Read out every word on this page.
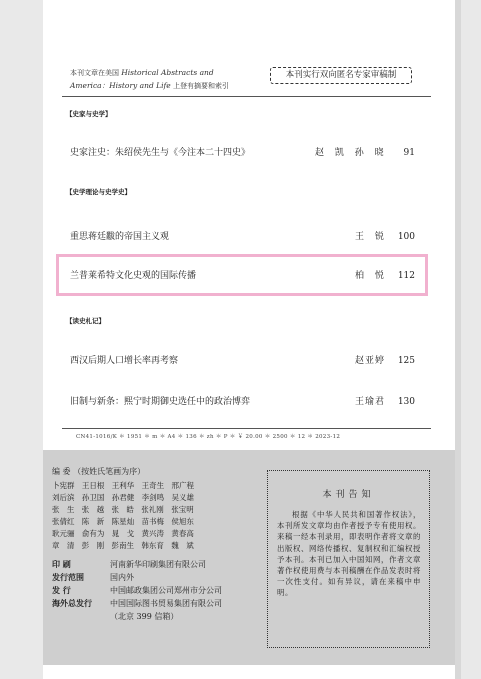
本刊文章在美国 Historical Abstracts and
America：History and Life 上登有摘要和索引
本刊实行双向匿名专家审稿制
【史家与史学】
史家注史：朱绍侯先生与《今注本二十四史》	赵 凯 孙 晓 91
【史学理论与史学史】
重思蒋廷黻的帝国主义观	王 锐 100
兰普莱希特文化史观的国际传播	柏 悦 112
【读史札记】
西汉后期人口增长率再考察	赵亚婷 125
旧制与新条：熙宁时期御史选任中的政治博弈	王瑜君 130
CN41-1016/K ＊ 1951 ＊ m ＊ A4 ＊ 136 ＊ zh ＊ P ＊ ￥ 20.00 ＊ 2500 ＊ 12 ＊ 2023-12
编 委 （按姓氏笔画为序）
卜宪群 王日根 王利华 王奇生 邢广程
刘后滨 孙卫国 孙君健 李剑鸣 吴义雄
张 生 张 越 张 皓 张礼刚 张宝明
张倩红 陈 新 陈星灿 苗书梅 侯旭东
耿元骊 俞有为 晁 戈 黄兴涛 黄春高
章 清 彭 刚 彭南生 韩东育 魏 斌
印 刷	河南新华印刷集团有限公司
发行范围	国内外
发 行	中国邮政集团公司郑州市分公司
海外总发行 中国国际图书贸易集团有限公司
（北京 399 信箱）
本刊告知
根据《中华人民共和国著作权法》，本刊所发文章均由作者授予专有使用权。来稿一经本刊录用，即表明作者将文章的出版权、网络传播权、复制权和汇编权授予本刊。本刊已加入中国知网，作者文章著作权使用费与本刊稿酬在作品发表时将一次性支付。如有异议，请在来稿中申明。
